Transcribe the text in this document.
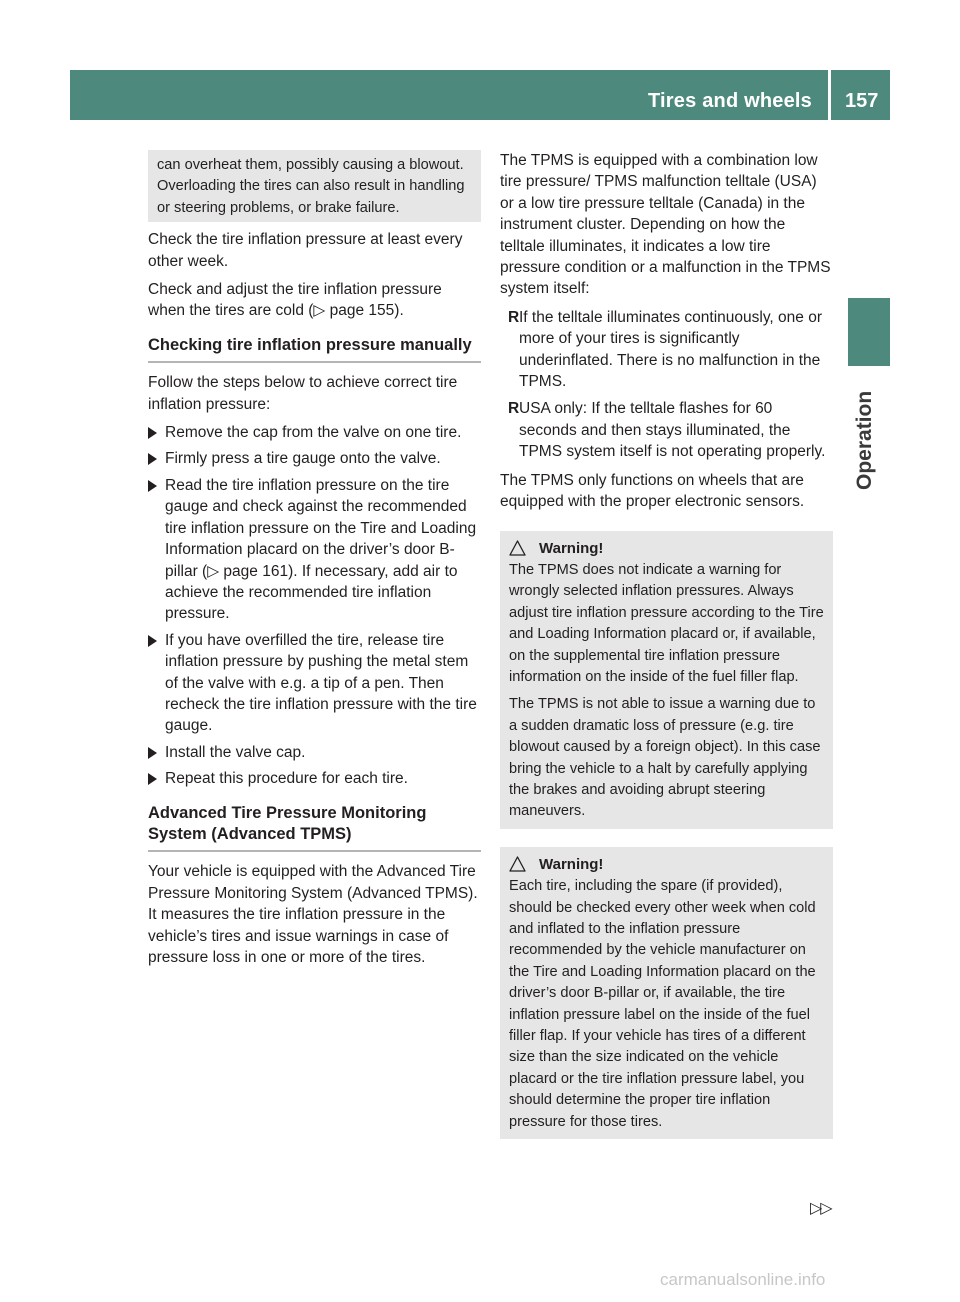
Tires and wheels 157
Operation
can overheat them, possibly causing a blowout. Overloading the tires can also result in handling or steering problems, or brake failure.

Check the tire inflation pressure at least every other week.

Check and adjust the tire inflation pressure when the tires are cold (▷ page 155).

Checking tire inflation pressure manually

Follow the steps below to achieve correct tire inflation pressure:

Remove the cap from the valve on one tire.
Firmly press a tire gauge onto the valve.
Read the tire inflation pressure on the tire gauge and check against the recommended tire inflation pressure on the Tire and Loading Information placard on the driver’s door B-pillar (▷ page 161). If necessary, add air to achieve the recommended tire inflation pressure.
If you have overfilled the tire, release tire inflation pressure by pushing the metal stem of the valve with e.g. a tip of a pen. Then recheck the tire inflation pressure with the tire gauge.
Install the valve cap.
Repeat this procedure for each tire.
Advanced Tire Pressure Monitoring System (Advanced TPMS)

Your vehicle is equipped with the Advanced Tire Pressure Monitoring System (Advanced TPMS). It measures the tire inflation pressure in the vehicle’s tires and issue warnings in case of pressure loss in one or more of the tires.

The TPMS is equipped with a combination low tire pressure/ TPMS malfunction telltale (USA) or a low tire pressure telltale (Canada) in the instrument cluster. Depending on how the telltale illuminates, it indicates a low tire pressure condition or a malfunction in the TPMS system itself:

R If the telltale illuminates continuously, one or more of your tires is significantly underinflated. There is no malfunction in the TPMS.
R USA only: If the telltale flashes for 60 seconds and then stays illuminated, the TPMS system itself is not operating properly.

The TPMS only functions on wheels that are equipped with the proper electronic sensors.

Warning!

The TPMS does not indicate a warning for wrongly selected inflation pressures. Always adjust tire inflation pressure according to the Tire and Loading Information placard or, if available, on the supplemental tire inflation pressure information on the inside of the fuel filler flap.

The TPMS is not able to issue a warning due to a sudden dramatic loss of pressure (e.g. tire blowout caused by a foreign object). In this case bring the vehicle to a halt by carefully applying the brakes and avoiding abrupt steering maneuvers.

Warning!

Each tire, including the spare (if provided), should be checked every other week when cold and inflated to the inflation pressure recommended by the vehicle manufacturer on the Tire and Loading Information placard on the driver’s door B-pillar or, if available, the tire inflation pressure label on the inside of the fuel filler flap. If your vehicle has tires of a different size than the size indicated on the vehicle placard or the tire inflation pressure label, you should determine the proper tire inflation pressure for those tires.

▷▷
carmanualsonline.info
